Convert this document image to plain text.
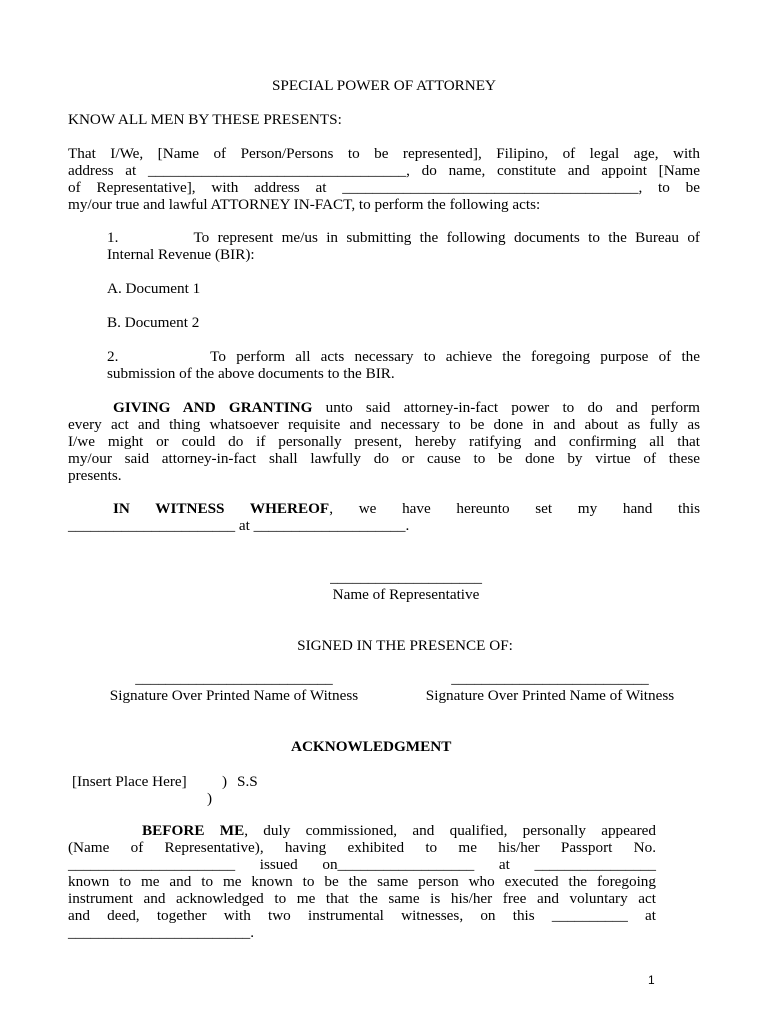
SPECIAL POWER OF ATTORNEY

KNOW ALL MEN BY THESE PRESENTS:

That I/We, [Name of Person/Persons to be represented], Filipino, of legal age, with
address at __________________________________, do name, constitute and appoint [Name
of Representative], with address at _______________________________________, to be
my/our true and lawful ATTORNEY IN-FACT, to perform the following acts:
1.         To represent me/us in submitting the following documents to the Bureau of
Internal Revenue (BIR):

A. Document 1

B. Document 2

2.         To perform all acts necessary to achieve the foregoing purpose of the
submission of the above documents to the BIR.
GIVING AND GRANTING unto said attorney-in-fact power to do and perform
every act and thing whatsoever requisite and necessary to be done in and about as fully as
I/we might or could do if personally present, hereby ratifying and confirming all that
my/our said attorney-in-fact shall lawfully do or cause to be done by virtue of these
presents.
IN WITNESS WHEREOF, we have hereunto set my hand this
______________________ at ____________________.

____________________

Name of Representative

SIGNED IN THE PRESENCE OF:

__________________________

Signature Over Printed Name of Witness

__________________________

Signature Over Printed Name of Witness

ACKNOWLEDGMENT

[Insert Place Here] ) S.S
)
BEFORE ME, duly commissioned, and qualified, personally appeared
(Name of Representative), having exhibited to me his/her Passport No.
______________________ issued on__________________ at ________________
known to me and to me known to be the same person who executed the foregoing
instrument and acknowledged to me that the same is his/her free and voluntary act
and deed, together with two instrumental witnesses, on this __________ at
________________________.
1
